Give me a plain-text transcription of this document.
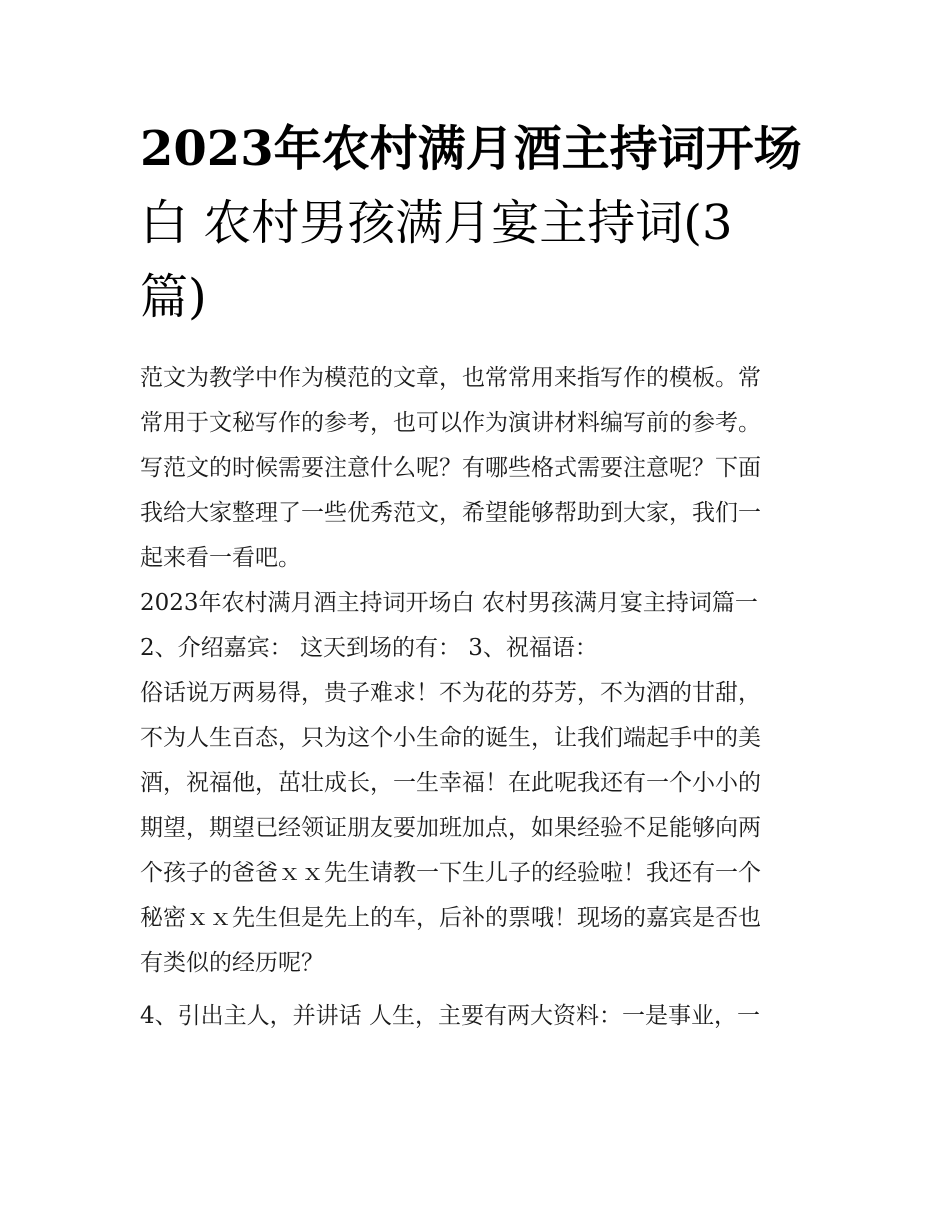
2023年农村满月酒主持词开场
白 农村男孩满月宴主持词(3
篇)
范文为教学中作为模范的文章，也常常用来指写作的模板。常
常用于文秘写作的参考，也可以作为演讲材料编写前的参考。
写范文的时候需要注意什么呢？有哪些格式需要注意呢？下面
我给大家整理了一些优秀范文，希望能够帮助到大家，我们一
起来看一看吧。
2023年农村满月酒主持词开场白 农村男孩满月宴主持词篇一
2、介绍嘉宾： 这天到场的有： 3、祝福语：
俗话说万两易得，贵子难求！不为花的芬芳，不为酒的甘甜，
不为人生百态，只为这个小生命的诞生，让我们端起手中的美
酒，祝福他，茁壮成长，一生幸福！在此呢我还有一个小小的
期望，期望已经领证朋友要加班加点，如果经验不足能够向两
个孩子的爸爸ｘｘ先生请教一下生儿子的经验啦！我还有一个
秘密ｘｘ先生但是先上的车，后补的票哦！现场的嘉宾是否也
有类似的经历呢？
4、引出主人，并讲话 人生，主要有两大资料：一是事业，一
